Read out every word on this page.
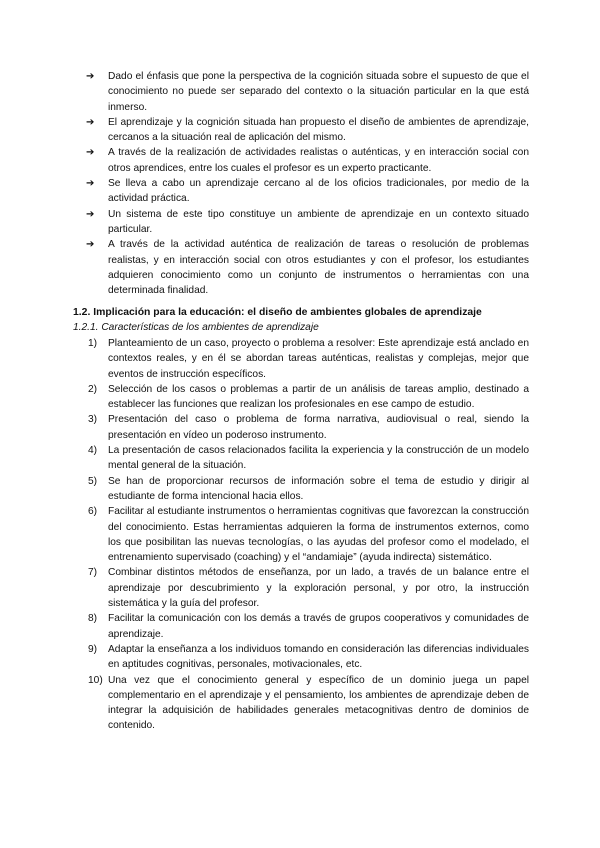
➔	Dado el énfasis que pone la perspectiva de la cognición situada sobre el supuesto de que el conocimiento no puede ser separado del contexto o la situación particular en la que está inmerso.
➔	El aprendizaje y la cognición situada han propuesto el diseño de ambientes de aprendizaje, cercanos a la situación real de aplicación del mismo.
➔	A través de la realización de actividades realistas o auténticas, y en interacción social con otros aprendices, entre los cuales el profesor es un experto practicante.
➔	Se lleva a cabo un aprendizaje cercano al de los oficios tradicionales, por medio de la actividad práctica.
➔	Un sistema de este tipo constituye un ambiente de aprendizaje en un contexto situado particular.
➔	A través de la actividad auténtica de realización de tareas o resolución de problemas realistas, y en interacción social con otros estudiantes y con el profesor, los estudiantes adquieren conocimiento como un conjunto de instrumentos o herramientas con una determinada finalidad.
1.2. Implicación para la educación: el diseño de ambientes globales de aprendizaje
1.2.1. Características de los ambientes de aprendizaje
1)	Planteamiento de un caso, proyecto o problema a resolver: Este aprendizaje está anclado en contextos reales, y en él se abordan tareas auténticas, realistas y complejas, mejor que eventos de instrucción específicos.
2)	Selección de los casos o problemas a partir de un análisis de tareas amplio, destinado a establecer las funciones que realizan los profesionales en ese campo de estudio.
3)	Presentación del caso o problema de forma narrativa, audiovisual o real, siendo la presentación en vídeo un poderoso instrumento.
4)	La presentación de casos relacionados facilita la experiencia y la construcción de un modelo mental general de la situación.
5)	Se han de proporcionar recursos de información sobre el tema de estudio y dirigir al estudiante de forma intencional hacia ellos.
6)	Facilitar al estudiante instrumentos o herramientas cognitivas que favorezcan la construcción del conocimiento. Estas herramientas adquieren la forma de instrumentos externos, como los que posibilitan las nuevas tecnologías, o las ayudas del profesor como el modelado, el entrenamiento supervisado (coaching) y el “andamiaje” (ayuda indirecta) sistemático.
7)	Combinar distintos métodos de enseñanza, por un lado, a través de un balance entre el aprendizaje por descubrimiento y la exploración personal, y por otro, la instrucción sistemática y la guía del profesor.
8)	Facilitar la comunicación con los demás a través de grupos cooperativos y comunidades de aprendizaje.
9)	Adaptar la enseñanza a los individuos tomando en consideración las diferencias individuales en aptitudes cognitivas, personales, motivacionales, etc.
10) Una vez que el conocimiento general y específico de un dominio juega un papel complementario en el aprendizaje y el pensamiento, los ambientes de aprendizaje deben de integrar la adquisición de habilidades generales metacognitivas dentro de dominios de contenido.
